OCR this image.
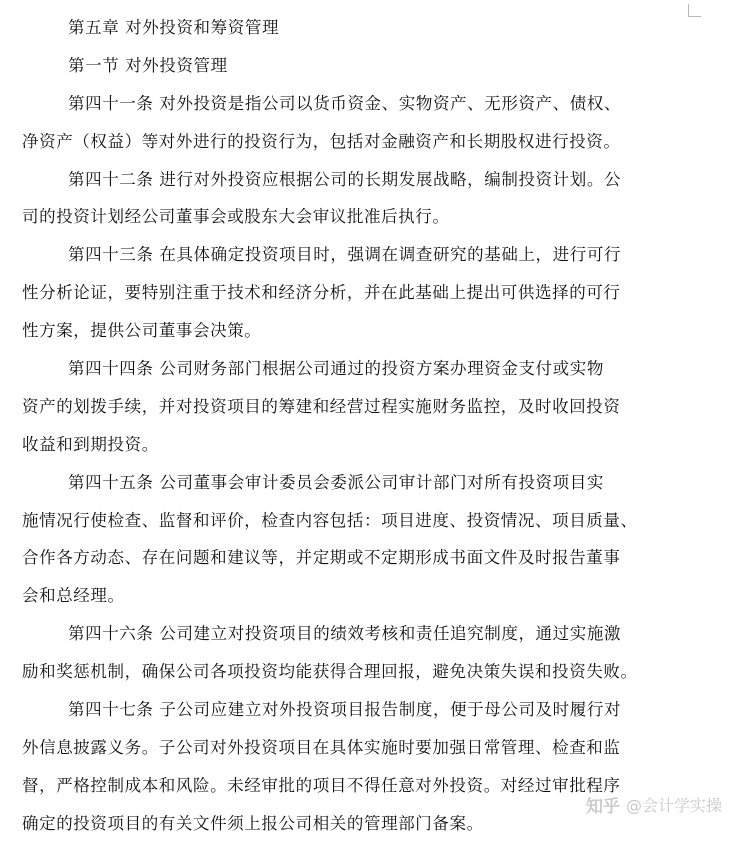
第五章 对外投资和筹资管理
第一节 对外投资管理
第四十一条 对外投资是指公司以货币资金、实物资产、无形资产、债权、
净资产（权益）等对外进行的投资行为，包括对金融资产和长期股权进行投资。
第四十二条 进行对外投资应根据公司的长期发展战略，编制投资计划。公
司的投资计划经公司董事会或股东大会审议批准后执行。
第四十三条 在具体确定投资项目时，强调在调查研究的基础上，进行可行
性分析论证，要特别注重于技术和经济分析，并在此基础上提出可供选择的可行
性方案，提供公司董事会决策。
第四十四条 公司财务部门根据公司通过的投资方案办理资金支付或实物
资产的划拨手续，并对投资项目的筹建和经营过程实施财务监控，及时收回投资
收益和到期投资。
第四十五条 公司董事会审计委员会委派公司审计部门对所有投资项目实
施情况行使检查、监督和评价，检查内容包括：项目进度、投资情况、项目质量、
合作各方动态、存在问题和建议等，并定期或不定期形成书面文件及时报告董事
会和总经理。
第四十六条 公司建立对投资项目的绩效考核和责任追究制度，通过实施激
励和奖惩机制，确保公司各项投资均能获得合理回报，避免决策失误和投资失败。
第四十七条 子公司应建立对外投资项目报告制度，便于母公司及时履行对
外信息披露义务。子公司对外投资项目在具体实施时要加强日常管理、检查和监
督，严格控制成本和风险。未经审批的项目不得任意对外投资。对经过审批程序
确定的投资项目的有关文件须上报公司相关的管理部门备案。
知乎 @会计学实操
